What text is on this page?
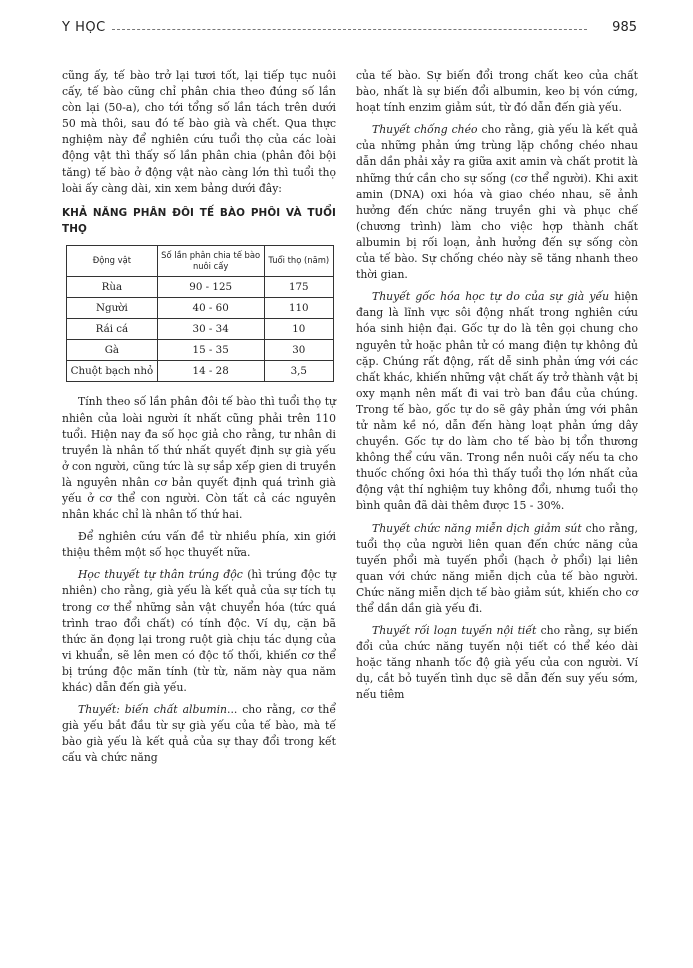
Y HỌC	985

cũng ấy, tế bào trở lại tươi tốt, lại tiếp tục nuôi cấy, tế bào cũng chỉ phân chia theo đúng số lần còn lại (50-a), cho tới tổng số lần tách trên dưới 50 mà thôi, sau đó tế bào già và chết. Qua thực nghiệm này để nghiên cứu tuổi thọ của các loài động vật thì thấy số lần phân chia (phân đôi bội tăng) tế bào ở động vật nào càng lớn thì tuổi thọ loài ấy càng dài, xin xem bảng dưới đây:

KHẢ NĂNG PHÂN ĐÔI TẾ BÀO PHÔI VÀ TUỔI THỌ
Động vật	Số lần phân chia tế bào nuôi cấy	Tuổi thọ (năm)
Rùa	90 - 125	175
Người	40 - 60	110
Rái cá	30 - 34	10
Gà	15 - 35	30
Chuột bạch nhỏ	14 - 28	3,5

Tính theo số lần phân đôi tế bào thì tuổi thọ tự nhiên của loài người ít nhất cũng phải trên 110 tuổi. Hiện nay đa số học giả cho rằng, tư nhân di truyền là nhân tố thứ nhất quyết định sự già yếu ở con người, cũng tức là sự sắp xếp gien di truyền là nguyên nhân cơ bản quyết định quá trình già yếu ở cơ thể con người. Còn tất cả các nguyên nhân khác chỉ là nhân tố thứ hai.

Để nghiên cứu vấn đề từ nhiều phía, xin giới thiệu thêm một số học thuyết nữa.

Học thuyết tự thân trúng độc (hì trúng độc tự nhiên) cho rằng, già yếu là kết quả của sự tích tụ trong cơ thể những sản vật chuyển hóa (tức quá trình trao đổi chất) có tính độc. Ví dụ, cặn bã thức ăn đọng lại trong ruột già chịu tác dụng của vi khuẩn, sẽ lên men có độc tố thối, khiến cơ thể bị trúng độc mãn tính (từ từ, năm này qua năm khác) dẫn đến già yếu.

Thuyết: biến chất albumin... cho rằng, cơ thể già yếu bắt đầu từ sự già yếu của tế bào, mà tế bào già yếu là kết quả của sự thay đổi trong kết cấu và chức năng

của tế bào. Sự biến đổi trong chất keo của chất bào, nhất là sự biến đổi albumin, keo bị vón cứng, hoạt tính enzim giảm sút, từ đó dẫn đến già yếu.

Thuyết chống chéo cho rằng, già yếu là kết quả của những phản ứng trùng lặp chồng chéo nhau dẫn dần phải xảy ra giữa axit amin và chất protit là những thứ cần cho sự sống (cơ thể người). Khi axit amin (DNA) oxi hóa và giao chéo nhau, sẽ ảnh hưởng đến chức năng truyền ghi và phục chế (chương trình) làm cho việc hợp thành chất albumin bị rối loạn, ảnh hưởng đến sự sống còn của tế bào. Sự chống chéo này sẽ tăng nhanh theo thời gian.

Thuyết gốc hóa học tự do của sự già yếu hiện đang là lĩnh vực sôi động nhất trong nghiên cứu hóa sinh hiện đại. Gốc tự do là tên gọi chung cho nguyên tử hoặc phân tử có mang điện tự không đủ cặp. Chúng rất động, rất dễ sinh phản ứng với các chất khác, khiến những vật chất ấy trở thành vật bị oxy mạnh nên mất đi vai trò ban đầu của chúng. Trong tế bào, gốc tự do sẽ gây phản ứng với phân tử nằm kề nó, dẫn đến hàng loạt phản ứng dây chuyền. Gốc tự do làm cho tế bào bị tổn thương không thể cứu vãn. Trong nền nuôi cấy nếu ta cho thuốc chống ôxi hóa thì thấy tuổi thọ lớn nhất của động vật thí nghiệm tuy không đổi, nhưng tuổi thọ bình quân đã dài thêm được 15 - 30%.

Thuyết chức năng miễn dịch giảm sút cho rằng, tuổi thọ của người liên quan đến chức năng của tuyến phổi mà tuyến phổi (hạch ở phổi) lại liên quan với chức năng miễn dịch của tế bào người. Chức năng miễn dịch tế bào giảm sút, khiến cho cơ thể dần dần già yếu đi.

Thuyết rối loạn tuyến nội tiết cho rằng, sự biến đổi của chức năng tuyến nội tiết có thể kéo dài hoặc tăng nhanh tốc độ già yếu của con người. Ví dụ, cắt bỏ tuyến tình dục sẽ dẫn đến suy yếu sớm, nếu tiêm
